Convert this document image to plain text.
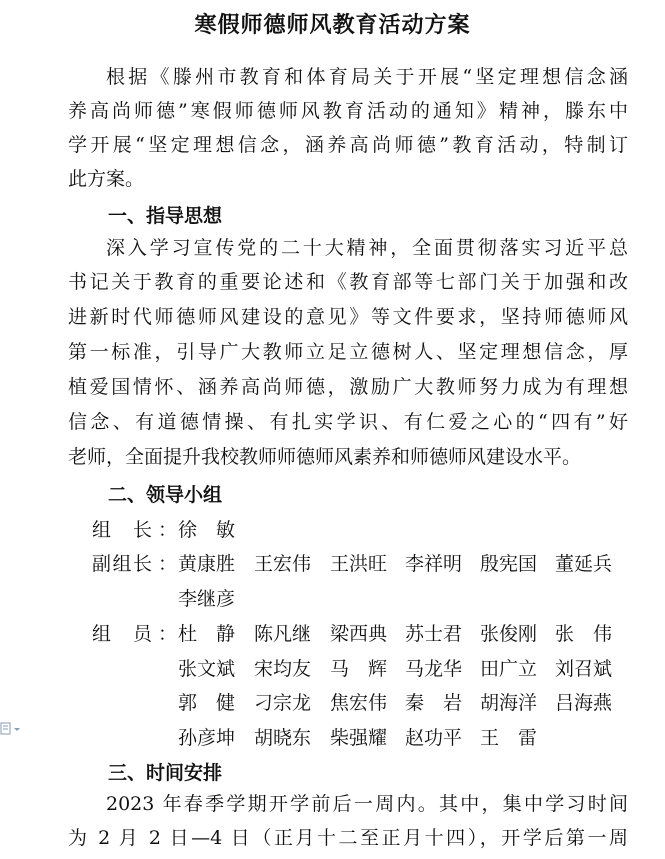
寒假师德师风教育活动方案
根据《滕州市教育和体育局关于开展“坚定理想信念涵
养高尚师德”寒假师德师风教育活动的通知》精神，滕东中
学开展“坚定理想信念，涵养高尚师德”教育活动，特制订
此方案。
一、指导思想
深入学习宣传党的二十大精神，全面贯彻落实习近平总
书记关于教育的重要论述和《教育部等七部门关于加强和改
进新时代师德师风建设的意见》等文件要求，坚持师德师风
第一标准，引导广大教师立足立德树人、坚定理想信念，厚
植爱国情怀、涵养高尚师德，激励广大教师努力成为有理想
信念、有道德情操、有扎实学识、有仁爱之心的“四有”好
老师，全面提升我校教师师德师风素养和师德师风建设水平。
二、领导小组
组长 ： 徐　敏
副组长 ： 黄康胜 王宏伟 王洪旺 李祥明 殷宪国 董延兵
李继彦
组员 ： 杜　静 陈凡继 梁西典 苏士君 张俊刚 张　伟
张文斌 宋均友 马　辉 马龙华 田广立 刘召斌
郭　健 刁宗龙 焦宏伟 秦　岩 胡海洋 吕海燕
孙彦坤 胡晓东 柴强耀 赵功平 王　雷
三、时间安排
2023 年春季学期开学前后一周内。其中，集中学习时间
为 2 月 2 日—4 日（正月十二至正月十四），开学后第一周
